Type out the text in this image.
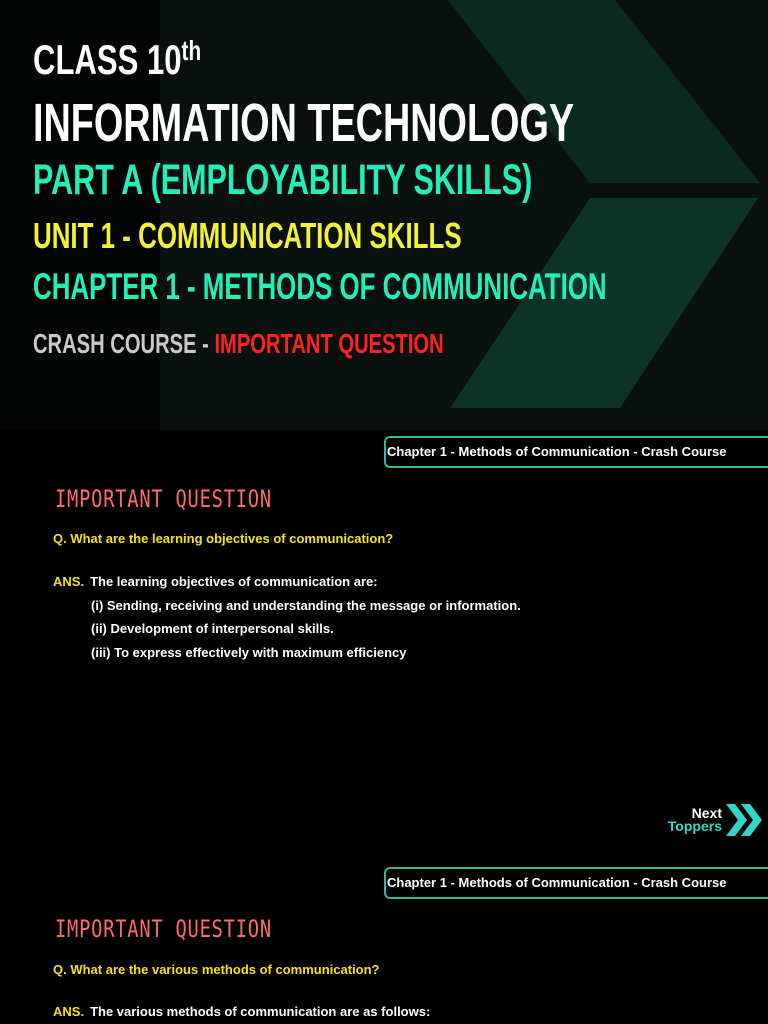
CLASS 10th
INFORMATION TECHNOLOGY
PART A (EMPLOYABILITY SKILLS)
UNIT 1 - COMMUNICATION SKILLS
CHAPTER 1 - METHODS OF COMMUNICATION

CRASH COURSE - IMPORTANT QUESTION

Chapter 1 - Methods of Communication - Crash Course
IMPORTANT QUESTION

Q. What are the learning objectives of communication?

ANS. The learning objectives of communication are:

(i) Sending, receiving and understanding the message or information.

(ii) Development of interpersonal skills.

(iii) To express effectively with maximum efficiency

Next

Toppers

Chapter 1 - Methods of Communication - Crash Course
IMPORTANT QUESTION

Q. What are the various methods of communication?

ANS. The various methods of communication are as follows:
